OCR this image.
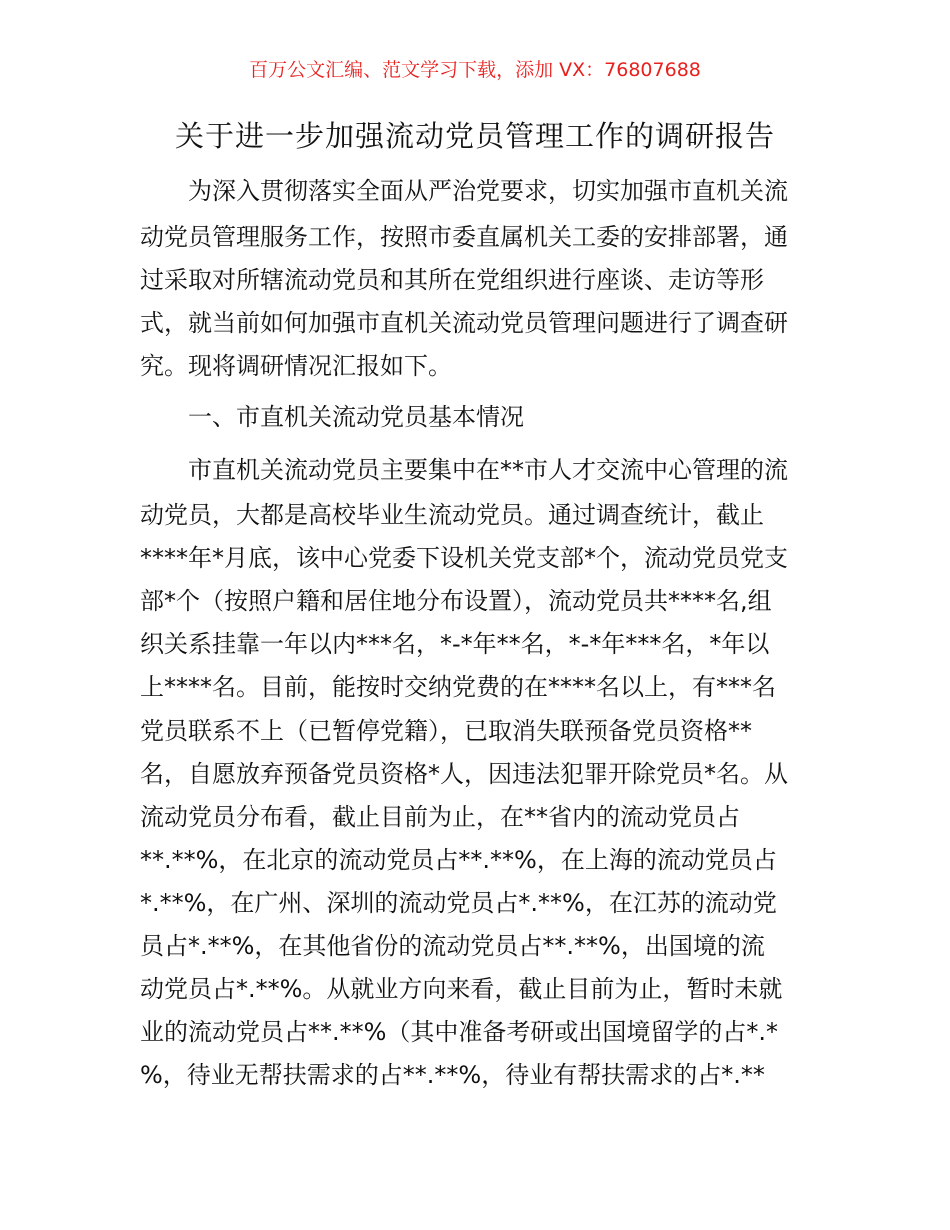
百万公文汇编、范文学习下载，添加 VX：76807688
关于进一步加强流动党员管理工作的调研报告
为深入贯彻落实全面从严治党要求，切实加强市直机关流
动党员管理服务工作，按照市委直属机关工委的安排部署，通
过采取对所辖流动党员和其所在党组织进行座谈、走访等形
式，就当前如何加强市直机关流动党员管理问题进行了调查研
究。现将调研情况汇报如下。
一、市直机关流动党员基本情况
市直机关流动党员主要集中在**市人才交流中心管理的流
动党员，大都是高校毕业生流动党员。通过调查统计，截止
****年*月底，该中心党委下设机关党支部*个，流动党员党支
部*个（按照户籍和居住地分布设置），流动党员共****名,组
织关系挂靠一年以内***名，*-*年**名，*-*年***名，*年以
上****名。目前，能按时交纳党费的在****名以上，有***名
党员联系不上（已暂停党籍），已取消失联预备党员资格**
名，自愿放弃预备党员资格*人，因违法犯罪开除党员*名。从
流动党员分布看，截止目前为止，在**省内的流动党员占
**.**%，在北京的流动党员占**.**%，在上海的流动党员占
*.**%，在广州、深圳的流动党员占*.**%，在江苏的流动党
员占*.**%，在其他省份的流动党员占**.**%，出国境的流
动党员占*.**%。从就业方向来看，截止目前为止，暂时未就
业的流动党员占**.**%（其中准备考研或出国境留学的占*.*
%，待业无帮扶需求的占**.**%，待业有帮扶需求的占*.**
